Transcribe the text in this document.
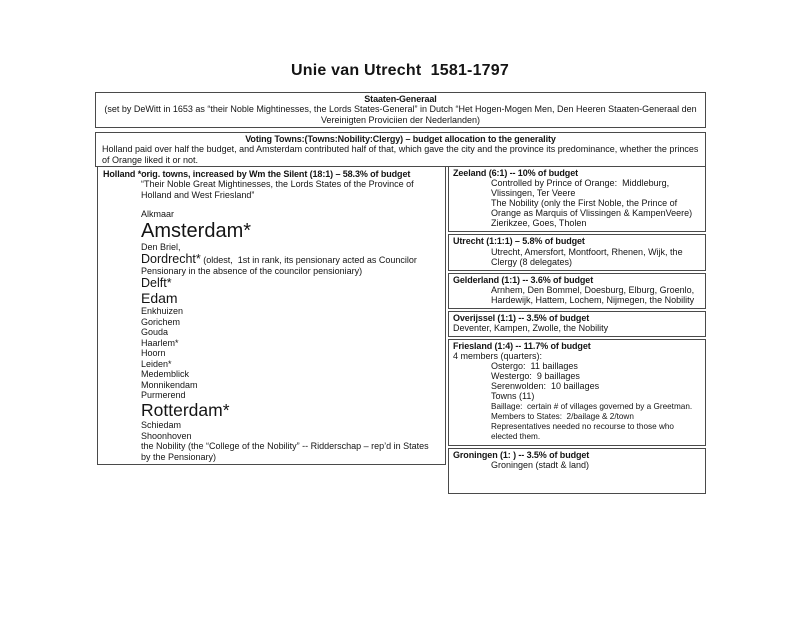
Unie van Utrecht  1581-1797
Staaten-Generaal
(set by DeWitt in 1653 as “their Noble Mightinesses, the Lords States-General” in Dutch “Het Hogen-Mogen Men, Den Heeren Staaten-Generaal den Vereinigten Proviciien der Nederlanden)
Voting Towns:(Towns:Nobility:Clergy) – budget allocation to the generality
Holland paid over half the budget, and Amsterdam contributed half of that, which gave the city and the province its predominance, whether the princes of Orange liked it or not.
Holland *orig. towns, increased by Wm the Silent (18:1) – 58.3% of budget
“Their Noble Great Mightinesses, the Lords States of the Province of Holland and West Friesland”
Alkmaar
Amsterdam*
Den Briel,
Dordrecht* (oldest,  1st in rank, its pensionary acted as Councilor Pensionary in the absence of the councilor pensioniary)
Delft*
Edam
Enkhuizen
Gorichem
Gouda
Haarlem*
Hoorn
Leiden*
Medemblick
Monnikendam
Purmerend
Rotterdam*
Schiedam
Shoonhoven
the Nobility (the “College of the Nobility” -- Ridderschap – rep’d in States by the Pensionary)
Zeeland (6:1) -- 10% of budget
Controlled by Prince of Orange:  Middleburg, Vlissingen, Ter Veere
The Nobility (only the First Noble, the Prince of Orange as Marquis of Vlissingen & KampenVeere)
Zierikzee, Goes, Tholen
Utrecht (1:1:1) – 5.8% of budget
Utrecht, Amersfort, Montfoort, Rhenen, Wijk, the Clergy (8 delegates)
Gelderland (1:1) -- 3.6% of budget
Arnhem, Den Bommel, Doesburg, Elburg, Groenlo, Hardewijk, Hattem, Lochem, Nijmegen, the Nobility
Overijssel (1:1) -- 3.5% of budget
Deventer, Kampen, Zwolle, the Nobility
Friesland (1:4) -- 11.7% of budget
4 members (quarters):
Ostergo:  11 baillages
Westergo:  9 baillages
Serenwolden:  10 baillages
Towns (11)
Baillage:  certain # of villages governed by a Greetman.
Members to States:  2/bailage & 2/town
Representatives needed no recourse to those who elected them.
Groningen (1: ) -- 3.5% of budget
Groningen (stadt & land)
